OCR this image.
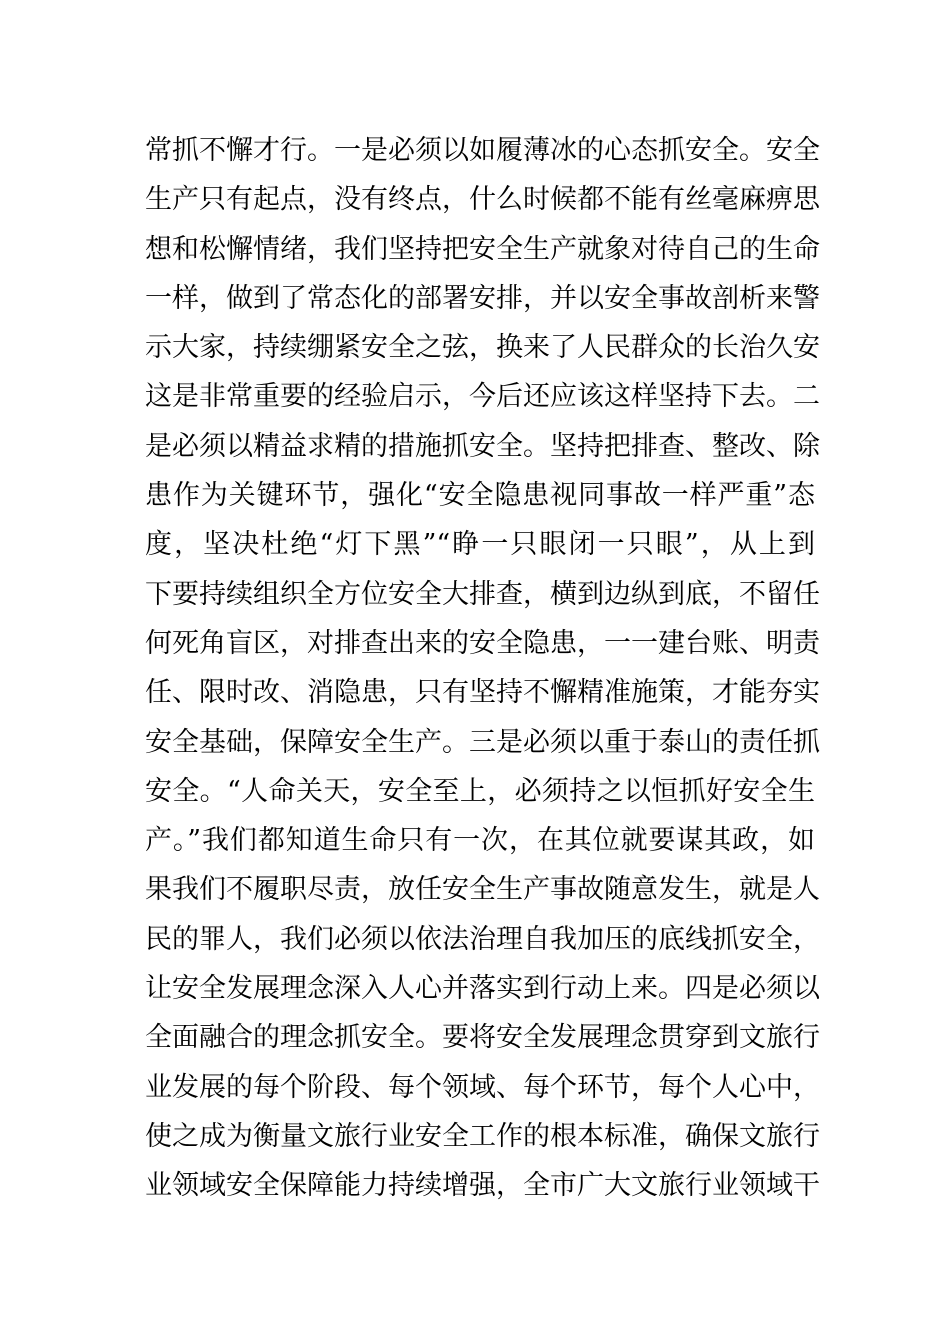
常抓不懈才行。一是必须以如履薄冰的心态抓安全。安全
生产只有起点，没有终点，什么时候都不能有丝毫麻痹思
想和松懈情绪，我们坚持把安全生产就象对待自己的生命
一样，做到了常态化的部署安排，并以安全事故剖析来警
示大家，持续绷紧安全之弦，换来了人民群众的长治久安
这是非常重要的经验启示，今后还应该这样坚持下去。二
是必须以精益求精的措施抓安全。坚持把排查、整改、除
患作为关键环节，强化“安全隐患视同事故一样严重”态
度，坚决杜绝“灯下黑”“睁一只眼闭一只眼”，从上到
下要持续组织全方位安全大排查，横到边纵到底，不留任
何死角盲区，对排查出来的安全隐患，一一建台账、明责
任、限时改、消隐患，只有坚持不懈精准施策，才能夯实
安全基础，保障安全生产。三是必须以重于泰山的责任抓
安全。“人命关天，安全至上，必须持之以恒抓好安全生
产。”我们都知道生命只有一次，在其位就要谋其政，如
果我们不履职尽责，放任安全生产事故随意发生，就是人
民的罪人，我们必须以依法治理自我加压的底线抓安全，
让安全发展理念深入人心并落实到行动上来。四是必须以
全面融合的理念抓安全。要将安全发展理念贯穿到文旅行
业发展的每个阶段、每个领域、每个环节，每个人心中，
使之成为衡量文旅行业安全工作的根本标准，确保文旅行
业领域安全保障能力持续增强，全市广大文旅行业领域干
